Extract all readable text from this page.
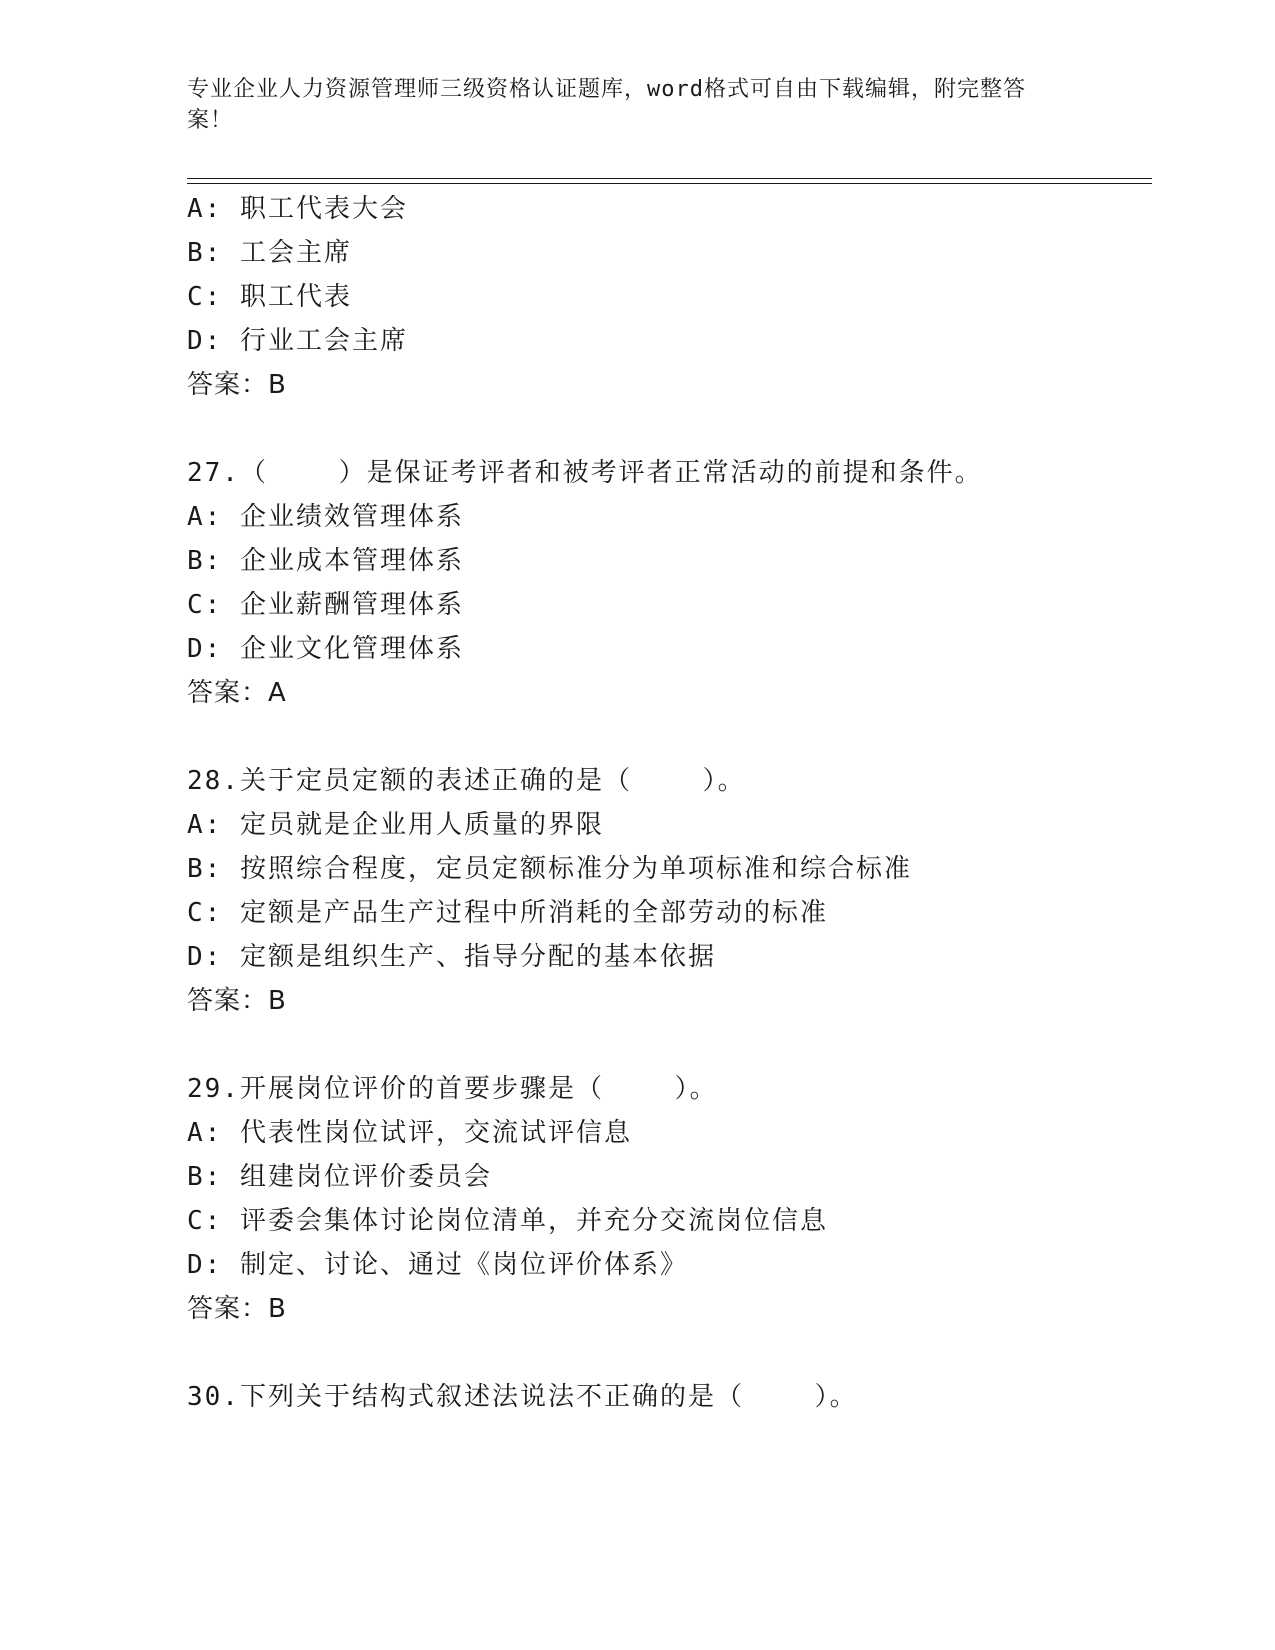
专业企业人力资源管理师三级资格认证题库，word格式可自由下载编辑，附完整答案！
A: 职工代表大会
B: 工会主席
C: 职工代表
D: 行业工会主席
答案：B
27.（    ）是保证考评者和被考评者正常活动的前提和条件。
A: 企业绩效管理体系
B: 企业成本管理体系
C: 企业薪酬管理体系
D: 企业文化管理体系
答案：A
28.关于定员定额的表述正确的是（    ）。
A: 定员就是企业用人质量的界限
B: 按照综合程度，定员定额标准分为单项标准和综合标准
C: 定额是产品生产过程中所消耗的全部劳动的标准
D: 定额是组织生产、指导分配的基本依据
答案：B
29.开展岗位评价的首要步骤是（    ）。
A: 代表性岗位试评，交流试评信息
B: 组建岗位评价委员会
C: 评委会集体讨论岗位清单，并充分交流岗位信息
D: 制定、讨论、通过《岗位评价体系》
答案：B
30.下列关于结构式叙述法说法不正确的是（    ）。
